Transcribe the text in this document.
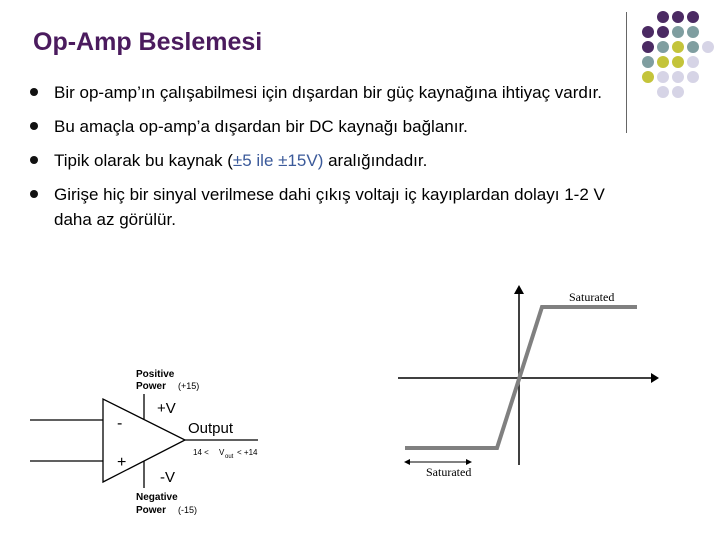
Op-Amp Beslemesi
Bir op-amp’ın çalışabilmesi için dışardan bir güç kaynağına ihtiyaç vardır.
Bu amaçla op-amp’a dışardan bir DC kaynağı bağlanır.
Tipik olarak bu kaynak (±5 ile ±15V) aralığındadır.
Girişe hiç bir sinyal verilmese dahi çıkış voltajı iç kayıplardan dolayı 1-2 V daha az görülür.
Positive
Power (+15)
+V
-
+
Output
14 < V out < +14
-V
Negative
Power (-15)
Saturated
Saturated
